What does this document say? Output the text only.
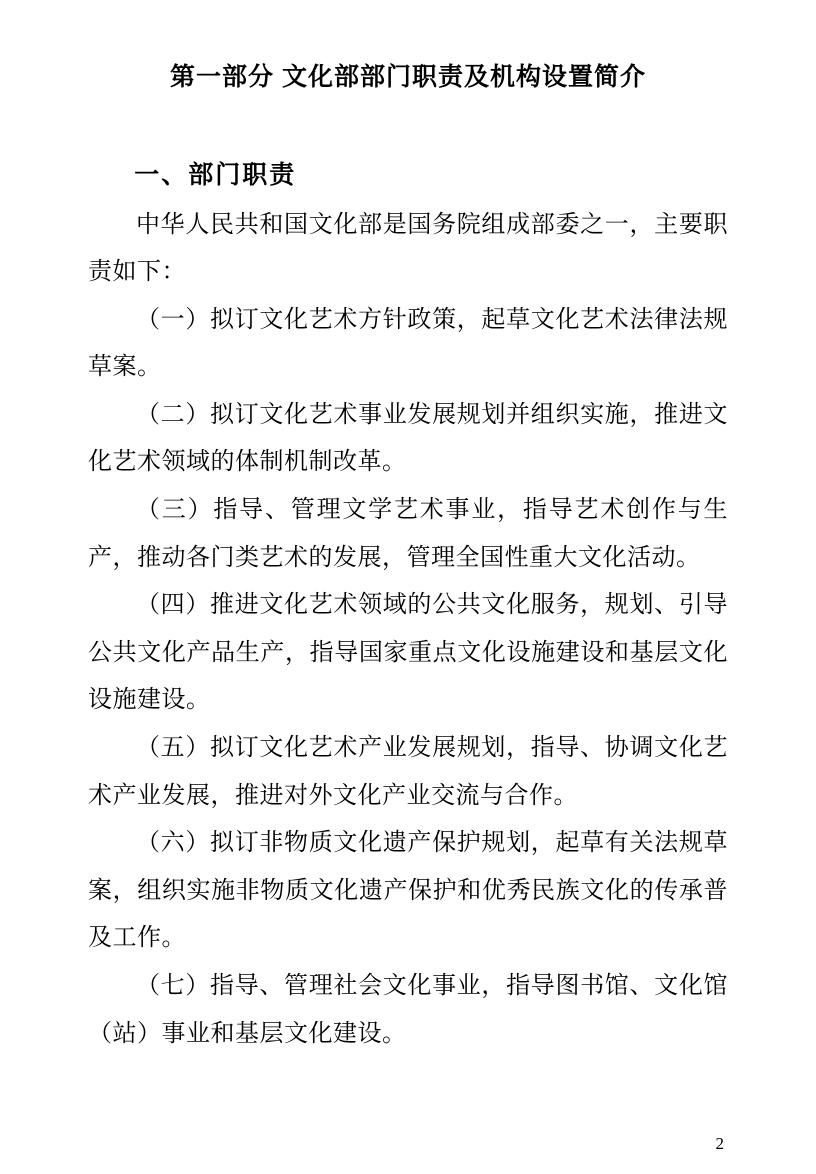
第一部分 文化部部门职责及机构设置简介
一、部门职责

中华人民共和国文化部是国务院组成部委之一，主要职责如下：

（一）拟订文化艺术方针政策，起草文化艺术法律法规草案。

（二）拟订文化艺术事业发展规划并组织实施，推进文化艺术领域的体制机制改革。

（三）指导、管理文学艺术事业，指导艺术创作与生产，推动各门类艺术的发展，管理全国性重大文化活动。

（四）推进文化艺术领域的公共文化服务，规划、引导公共文化产品生产，指导国家重点文化设施建设和基层文化设施建设。

（五）拟订文化艺术产业发展规划，指导、协调文化艺术产业发展，推进对外文化产业交流与合作。

（六）拟订非物质文化遗产保护规划，起草有关法规草案，组织实施非物质文化遗产保护和优秀民族文化的传承普及工作。

（七）指导、管理社会文化事业，指导图书馆、文化馆（站）事业和基层文化建设。

2
